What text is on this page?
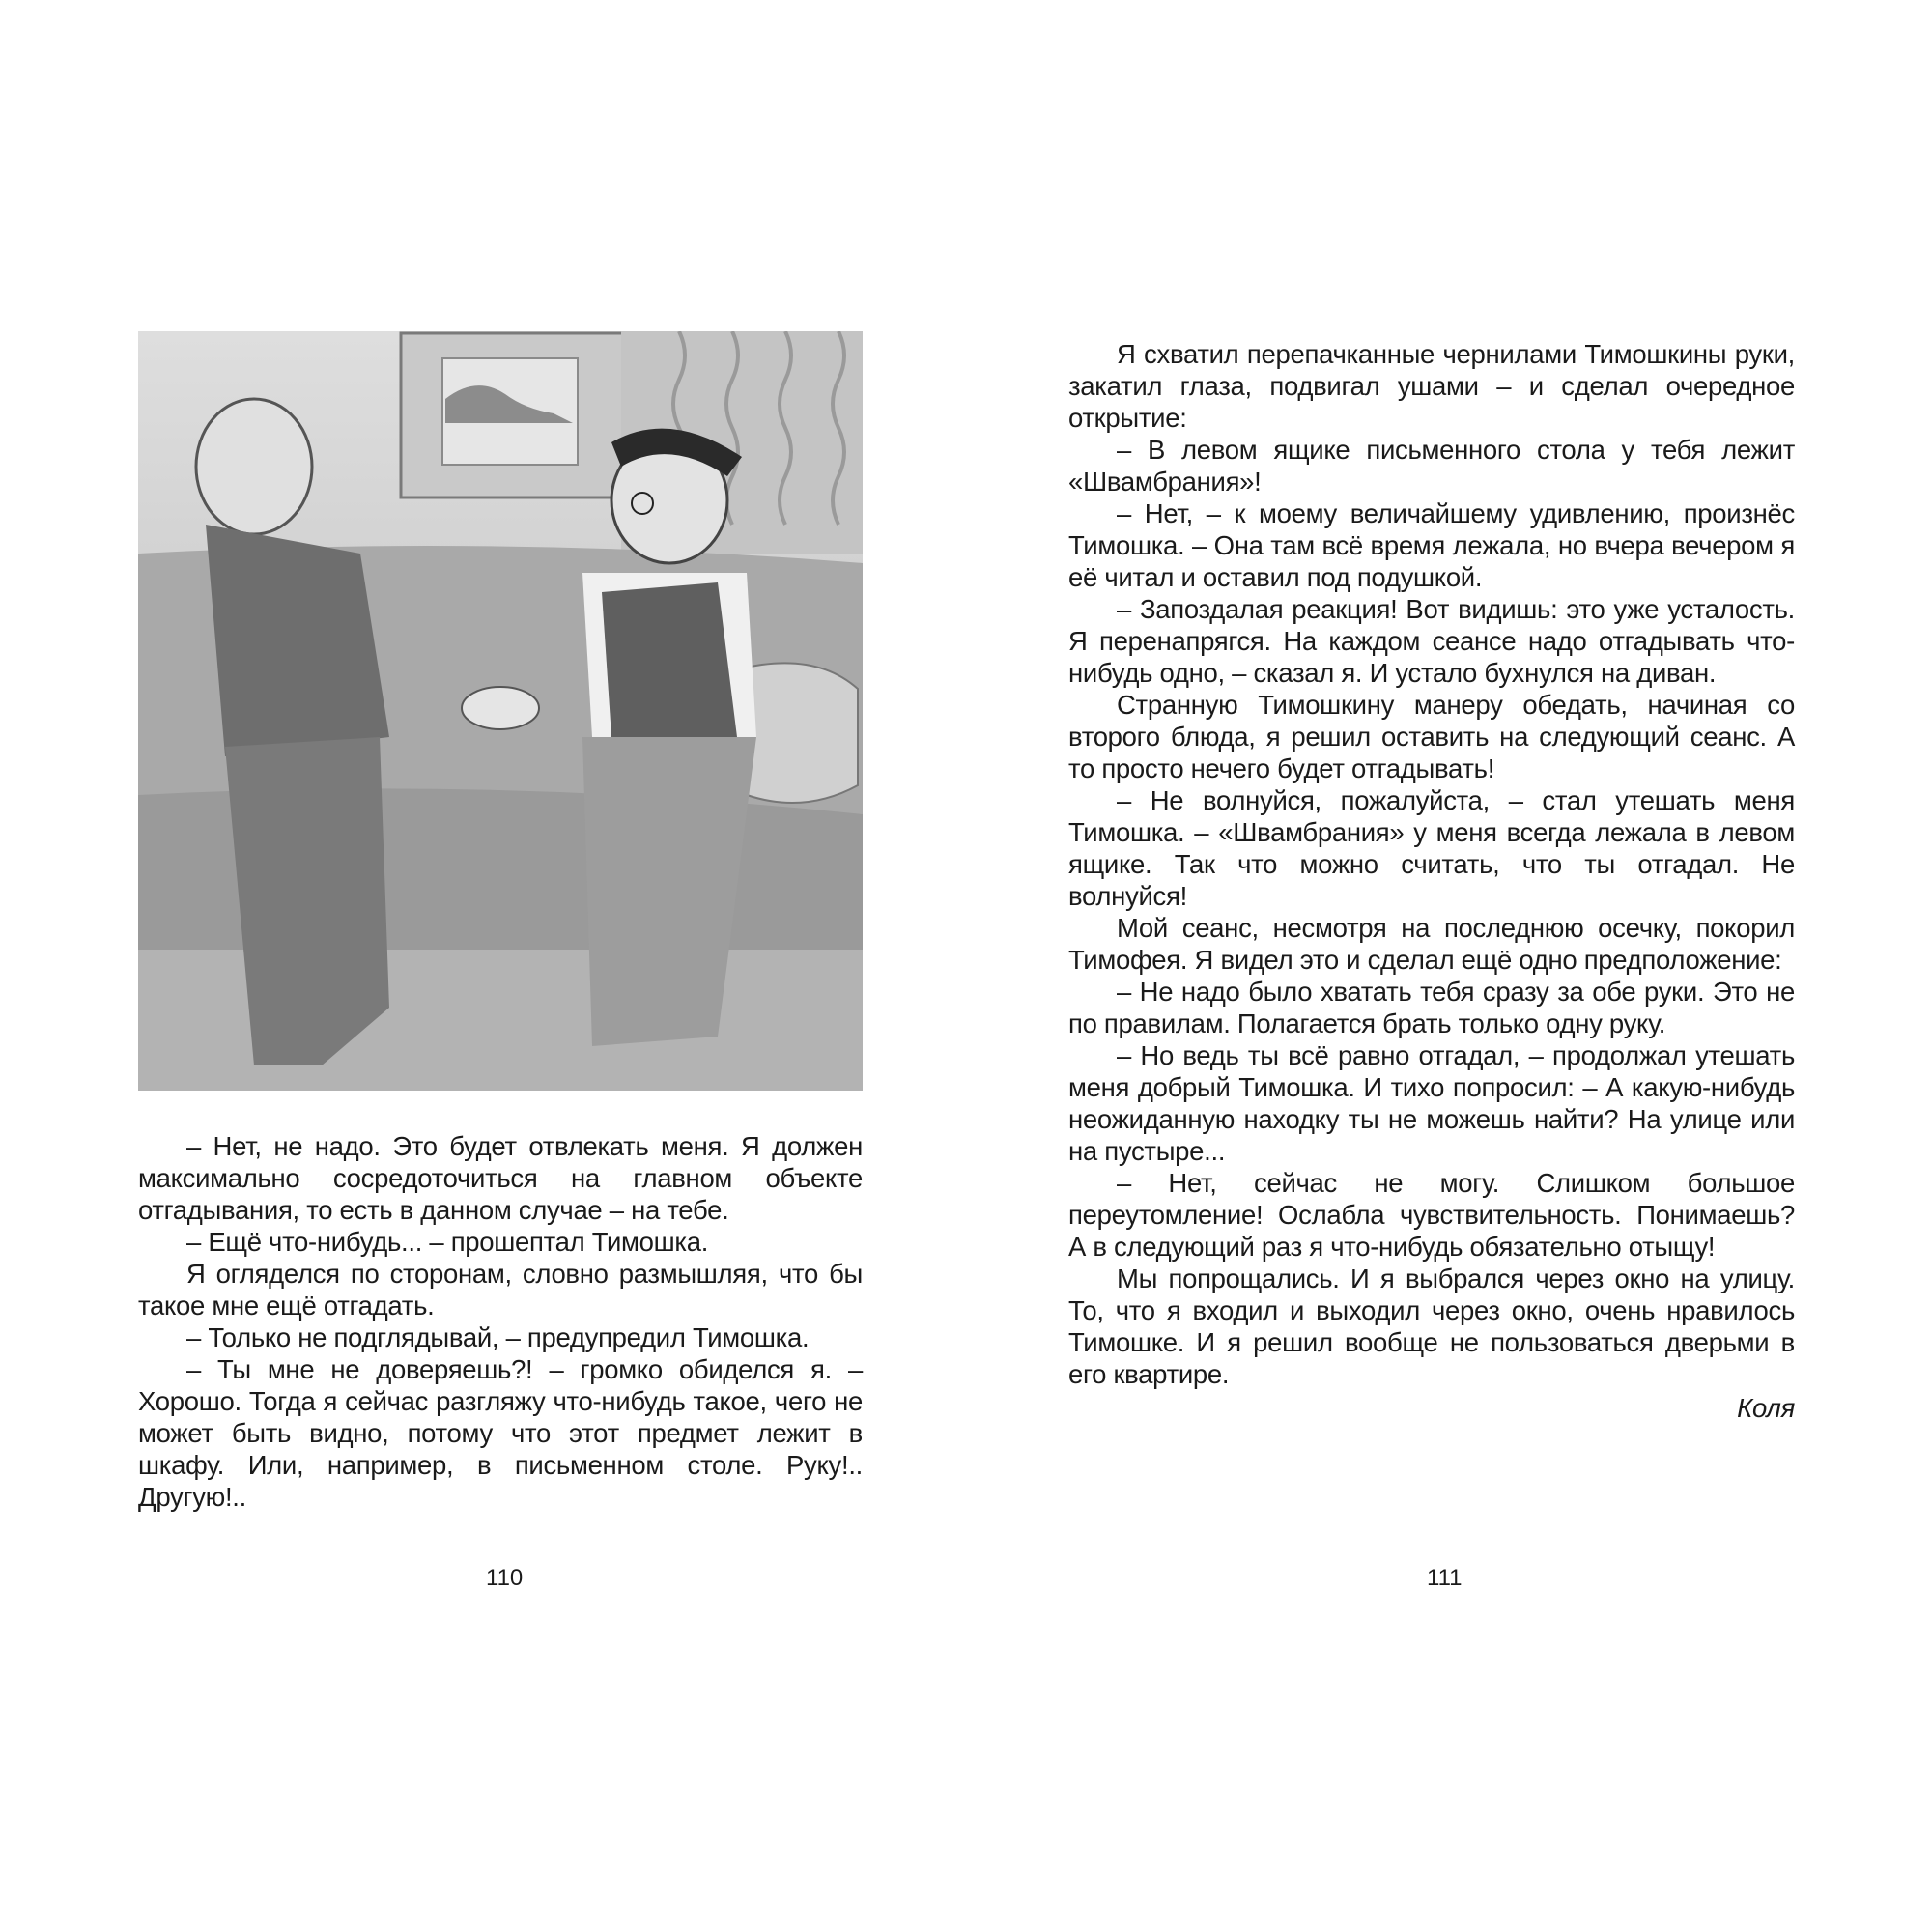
– Нет, не надо. Это будет отвлекать меня. Я должен максимально сосредоточиться на главном объекте отгадывания, то есть в данном случае – на тебе.

– Ещё что-нибудь... – прошептал Тимошка.

Я огляделся по сторонам, словно размышляя, что бы такое мне ещё отгадать.

– Только не подглядывай, – предупредил Тимошка.

– Ты мне не доверяешь?! – громко обиделся я. – Хорошо. Тогда я сейчас разгляжу что-нибудь такое, чего не может быть видно, потому что этот предмет лежит в шкафу. Или, например, в письменном столе. Руку!.. Другую!..

110

Я схватил перепачканные чернилами Тимошкины руки, закатил глаза, подвигал ушами – и сделал очередное открытие:

– В левом ящике письменного стола у тебя лежит «Швамбрания»!

– Нет, – к моему величайшему удивлению, произнёс Тимошка. – Она там всё время лежала, но вчера вечером я её читал и оставил под подушкой.

– Запоздалая реакция! Вот видишь: это уже усталость. Я перенапрягся. На каждом сеансе надо отгадывать что-нибудь одно, – сказал я. И устало бухнулся на диван.

Странную Тимошкину манеру обедать, начиная со второго блюда, я решил оставить на следующий сеанс. А то просто нечего будет отгадывать!

– Не волнуйся, пожалуйста, – стал утешать меня Тимошка. – «Швамбрания» у меня всегда лежала в левом ящике. Так что можно считать, что ты отгадал. Не волнуйся!

Мой сеанс, несмотря на последнюю осечку, покорил Тимофея. Я видел это и сделал ещё одно предположение:

– Не надо было хватать тебя сразу за обе руки. Это не по правилам. Полагается брать только одну руку.

– Но ведь ты всё равно отгадал, – продолжал утешать меня добрый Тимошка. И тихо попросил: – А какую-нибудь неожиданную находку ты не можешь найти? На улице или на пустыре...

– Нет, сейчас не могу. Слишком большое переутомление! Ослабла чувствительность. Понимаешь? А в следующий раз я что-нибудь обязательно отыщу!

Мы попрощались. И я выбрался через окно на улицу. То, что я входил и выходил через окно, очень нравилось Тимошке. И я решил вообще не пользоваться дверьми в его квартире.

Коля

111
